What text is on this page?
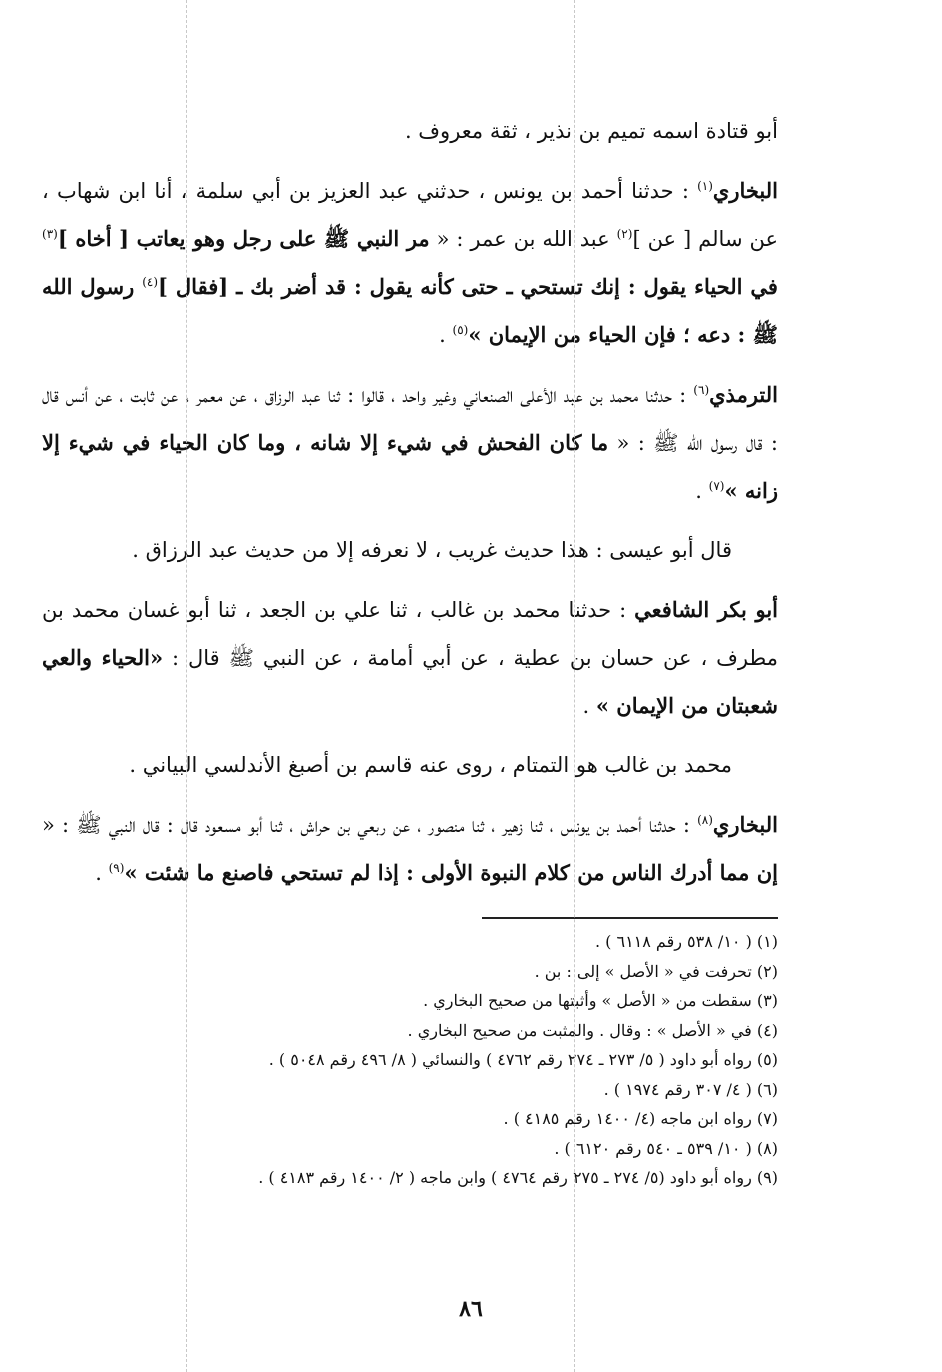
أبو قتادة اسمه تميم بن نذير ، ثقة معروف .

البخاري$^{(١)}$ : حدثنا أحمد بن يونس ، حدثني عبد العزيز بن أبي سلمة ، أنا ابن شهاب ، عن سالم [ عن ]$^{(٢)}$ عبد الله بن عمر : « مر النبي ﷺ على رجل وهو يعاتب [ أخاه ]$^{(٣)}$ في الحياء يقول : إنك تستحي ـ حتى كأنه يقول : قد أضر بك ـ [فقال ]$^{(٤)}$ رسول الله ﷺ : دعه ؛ فإن الحياء من الإيمان »$^{(٥)}$ .

الترمذي$^{(٦)}$ : حدثنا محمد بن عبد الأعلى الصنعاني وغير واحد ، قالوا : ثنا عبد الرزاق ، عن معمر ، عن ثابت ، عن أنس قال : قال رسول الله ﷺ : « ما كان الفحش في شيء إلا شانه ، وما كان الحياء في شيء إلا زانه »$^{(٧)}$ .

قال أبو عيسى : هذا حديث غريب ، لا نعرفه إلا من حديث عبد الرزاق .

أبو بكر الشافعي : حدثنا محمد بن غالب ، ثنا علي بن الجعد ، ثنا أبو غسان محمد بن مطرف ، عن حسان بن عطية ، عن أبي أمامة ، عن النبي ﷺ قال : «الحياء والعي شعبتان من الإيمان » .

محمد بن غالب هو التمتام ، روى عنه قاسم بن أصبغ الأندلسي البياني .

البخاري$^{(٨)}$ : حدثنا أحمد بن يونس ، ثنا زهير ، ثنا منصور ، عن ربعي بن حراش ، ثنا أبو مسعود قال : قال النبي ﷺ : « إن مما أدرك الناس من كلام النبوة الأولى : إذا لم تستحي فاصنع ما شئت »$^{(٩)}$ .

(١) ( ١٠/ ٥٣٨ رقم ٦١١٨ ) .
(٢) تحرفت في « الأصل » إلى : بن .
(٣) سقطت من « الأصل » وأثبتها من صحيح البخاري .
(٤) في « الأصل » : وقال . والمثبت من صحيح البخاري .
(٥) رواه أبو داود ( ٥/ ٢٧٣ ـ ٢٧٤ رقم ٤٧٦٢ ) والنسائي ( ٨/ ٤٩٦ رقم ٥٠٤٨ ) .
(٦) ( ٤/ ٣٠٧ رقم ١٩٧٤ ) .
(٧) رواه ابن ماجه (٤/ ١٤٠٠ رقم ٤١٨٥ ) .
(٨) ( ١٠/ ٥٣٩ ـ ٥٤٠ رقم ٦١٢٠ ) .
(٩) رواه أبو داود (٥/ ٢٧٤ ـ ٢٧٥ رقم ٤٧٦٤ ) وابن ماجه ( ٢/ ١٤٠٠ رقم ٤١٨٣ ) .
٨٦
